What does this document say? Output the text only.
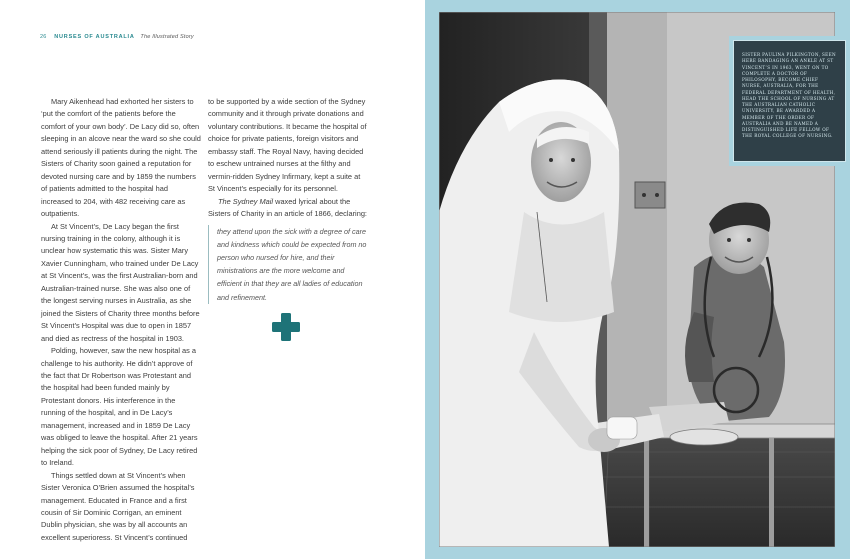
26 NURSES OF AUSTRALIA The Illustrated Story

Mary Aikenhead had exhorted her sisters to ‘put the comfort of the patients before the comfort of your own body’. De Lacy did so, often sleeping in an alcove near the ward so she could attend seriously ill patients during the night. The Sisters of Charity soon gained a reputation for devoted nursing care and by 1859 the numbers of patients admitted to the hospital had increased to 204, with 482 receiving care as outpatients.

At St Vincent’s, De Lacy began the first nursing training in the colony, although it is unclear how systematic this was. Sister Mary Xavier Cunningham, who trained under De Lacy at St Vincent’s, was the first Australian-born and Australian-trained nurse. She was also one of the longest serving nurses in Australia, as she joined the Sisters of Charity three months before St Vincent’s Hospital was due to open in 1857 and died as rectress of the hospital in 1903.

Polding, however, saw the new hospital as a challenge to his authority. He didn’t approve of the fact that Dr Robertson was Protestant and the hospital had been funded mainly by Protestant donors. His interference in the running of the hospital, and in De Lacy’s management, increased and in 1859 De Lacy was obliged to leave the hospital. After 21 years helping the sick poor of Sydney, De Lacy retired to Ireland.

Things settled down at St Vincent’s when Sister Veronica O’Brien assumed the hospital’s management. Educated in France and a first cousin of Sir Dominic Corrigan, an eminent Dublin physician, she was by all accounts an excellent superioress. St Vincent’s continued

to be supported by a wide section of the Sydney community and it through private donations and voluntary contributions. It became the hospital of choice for private patients, foreign visitors and embassy staff. The Royal Navy, having decided to eschew untrained nurses at the filthy and vermin-ridden Sydney Infirmary, kept a suite at St Vincent’s especially for its personnel.

The Sydney Mail waxed lyrical about the Sisters of Charity in an article of 1866, declaring:

they attend upon the sick with a degree of care and kindness which could be expected from no person who nursed for hire, and their ministrations are the more welcome and efficient in that they are all ladies of education and refinement.

SISTER PAULINA PILKINGTON, SEEN HERE BANDAGING AN ANKLE AT ST VINCENT’S IN 1963, WENT ON TO COMPLETE A DOCTOR OF PHILOSOPHY, BECOME CHIEF NURSE, AUSTRALIA, FOR THE FEDERAL DEPARTMENT OF HEALTH, HEAD THE SCHOOL OF NURSING AT THE AUSTRALIAN CATHOLIC UNIVERSITY, BE AWARDED A MEMBER OF THE ORDER OF AUSTRALIA AND BE NAMED A DISTINGUISHED LIFE FELLOW OF THE ROYAL COLLEGE OF NURSING.
